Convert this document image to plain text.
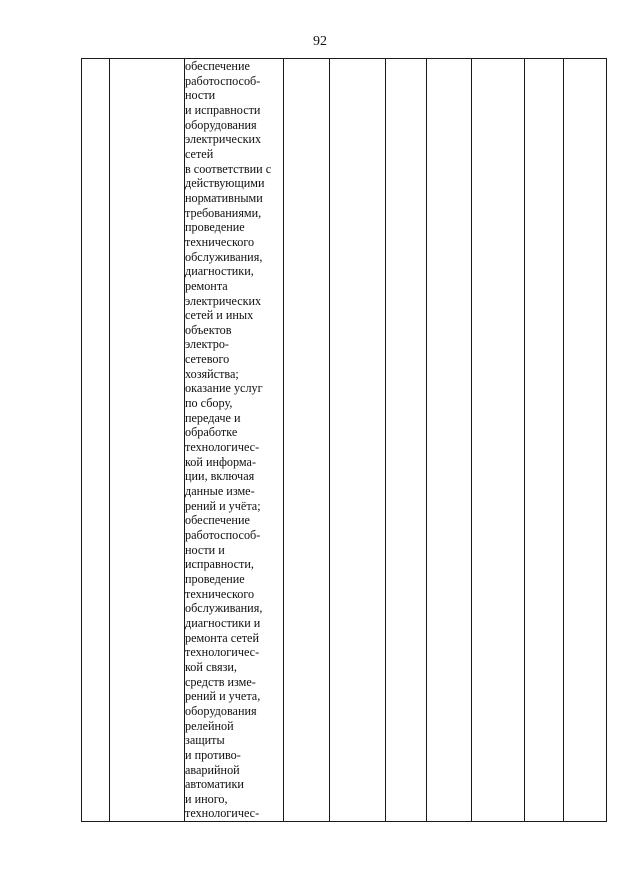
92

обеспечение
работоспособ-
ности
и исправности
оборудования
электрических
сетей
в соответствии с
действующими
нормативными
требованиями,
проведение
технического
обслуживания,
диагностики,
ремонта
электрических
сетей и иных
объектов
электро-
сетевого
хозяйства;
оказание услуг
по сбору,
передаче и
обработке
технологичес-
кой информа-
ции, включая
данные изме-
рений и учёта;
обеспечение
работоспособ-
ности и
исправности,
проведение
технического
обслуживания,
диагностики и
ремонта сетей
технологичес-
кой связи,
средств изме-
рений и учета,
оборудования
релейной
защиты
и противо-
аварийной
автоматики
и иного,
технологичес-
